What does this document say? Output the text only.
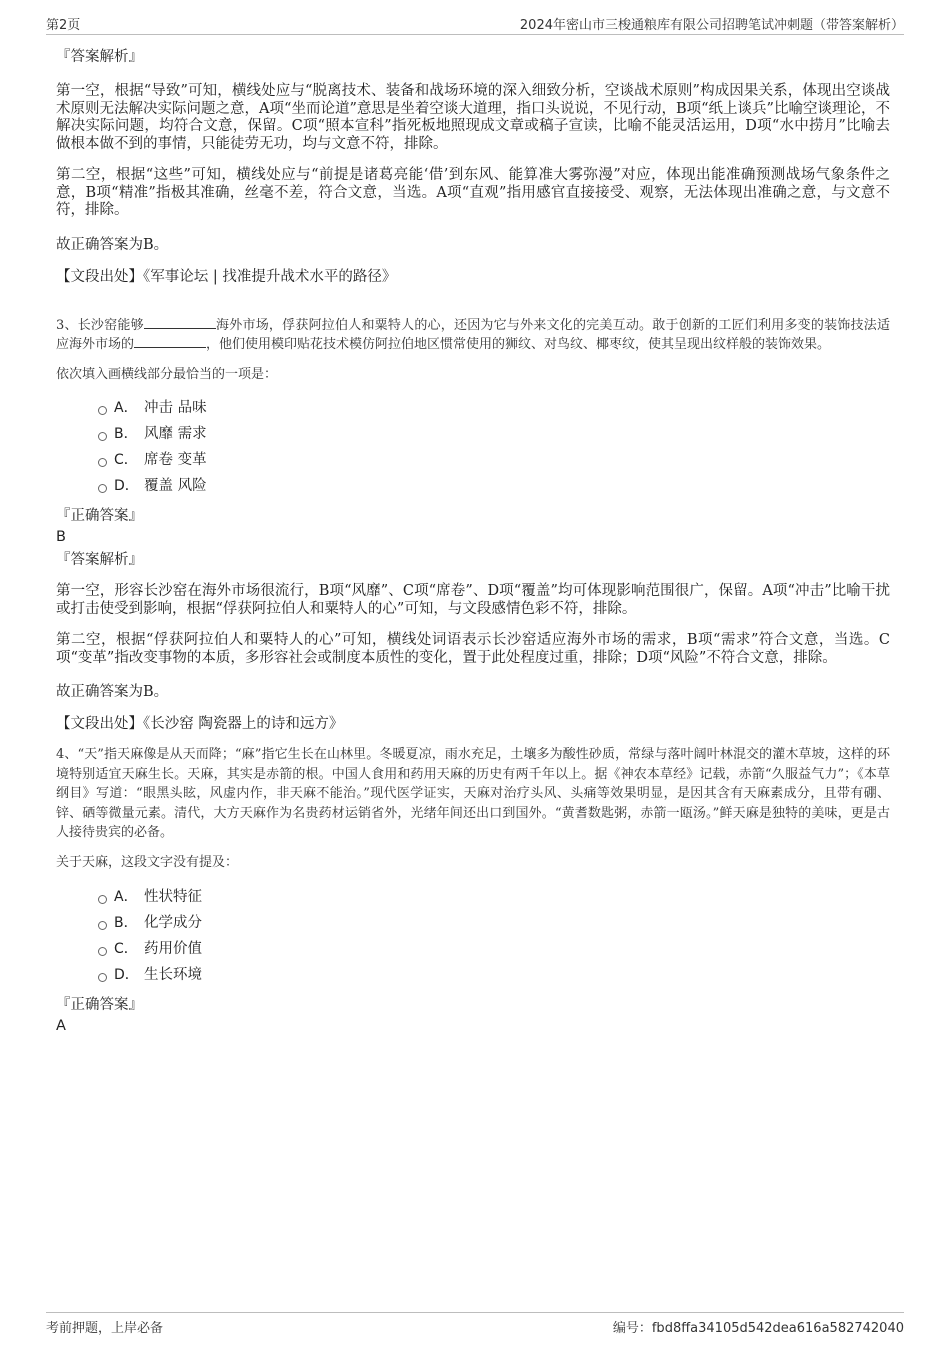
第2页	2024年密山市三梭通粮库有限公司招聘笔试冲刺题（带答案解析）

『答案解析』

第一空，根据“导致”可知，横线处应与“脱离技术、装备和战场环境的深入细致分析，空谈战术原则”构成因果关系，体现出空谈战术原则无法解决实际问题之意，A项“坐而论道”意思是坐着空谈大道理，指口头说说，不见行动，B项“纸上谈兵”比喻空谈理论，不解决实际问题，均符合文意，保留。C项“照本宣科”指死板地照现成文章或稿子宣读，比喻不能灵活运用，D项“水中捞月”比喻去做根本做不到的事情，只能徒劳无功，均与文意不符，排除。

第二空，根据“这些”可知，横线处应与“前提是诸葛亮能‘借’到东风、能算准大雾弥漫”对应，体现出能准确预测战场气象条件之意，B项“精准”指极其准确，丝毫不差，符合文意，当选。A项“直观”指用感官直接接受、观察，无法体现出准确之意，与文意不符，排除。

故正确答案为B。

【文段出处】《军事论坛 | 找准提升战术水平的路径》

3、长沙窑能够	海外市场，俘获阿拉伯人和粟特人的心，还因为它与外来文化的完美互动。敢于创新的工匠们利用多变的装饰技法适应海外市场的	，他们使用模印贴花技术模仿阿拉伯地区惯常使用的狮纹、对鸟纹、椰枣纹，使其呈现出纹样般的装饰效果。

依次填入画横线部分最恰当的一项是：

A． 冲击 品味
B． 风靡 需求
C． 席卷 变革
D． 覆盖 风险

『正确答案』

B

『答案解析』

第一空，形容长沙窑在海外市场很流行，B项“风靡”、C项“席卷”、D项“覆盖”均可体现影响范围很广，保留。A项“冲击”比喻干扰或打击使受到影响，根据“俘获阿拉伯人和粟特人的心”可知，与文段感情色彩不符，排除。

第二空，根据“俘获阿拉伯人和粟特人的心”可知，横线处词语表示长沙窑适应海外市场的需求，B项“需求”符合文意，当选。C项“变革”指改变事物的本质，多形容社会或制度本质性的变化，置于此处程度过重，排除；D项“风险”不符合文意，排除。

故正确答案为B。

【文段出处】《长沙窑 陶瓷器上的诗和远方》

4、“天”指天麻像是从天而降；“麻”指它生长在山林里。冬暖夏凉，雨水充足，土壤多为酸性砂质，常绿与落叶阔叶林混交的灌木草坡，这样的环境特别适宜天麻生长。天麻，其实是赤箭的根。中国人食用和药用天麻的历史有两千年以上。据《神农本草经》记载，赤箭“久服益气力”；《本草纲目》写道：“眼黑头眩，风虚内作，非天麻不能治。”现代医学证实，天麻对治疗头风、头痛等效果明显，是因其含有天麻素成分，且带有硼、锌、硒等微量元素。清代，大方天麻作为名贵药材运销省外，光绪年间还出口到国外。“黄耆数匙粥，赤箭一瓯汤。”鲜天麻是独特的美味，更是古人接待贵宾的必备。

关于天麻，这段文字没有提及：

A． 性状特征
B． 化学成分
C． 药用价值
D． 生长环境

『正确答案』

A

考前押题，上岸必备	编号：fbd8ffa34105d542dea616a582742040
